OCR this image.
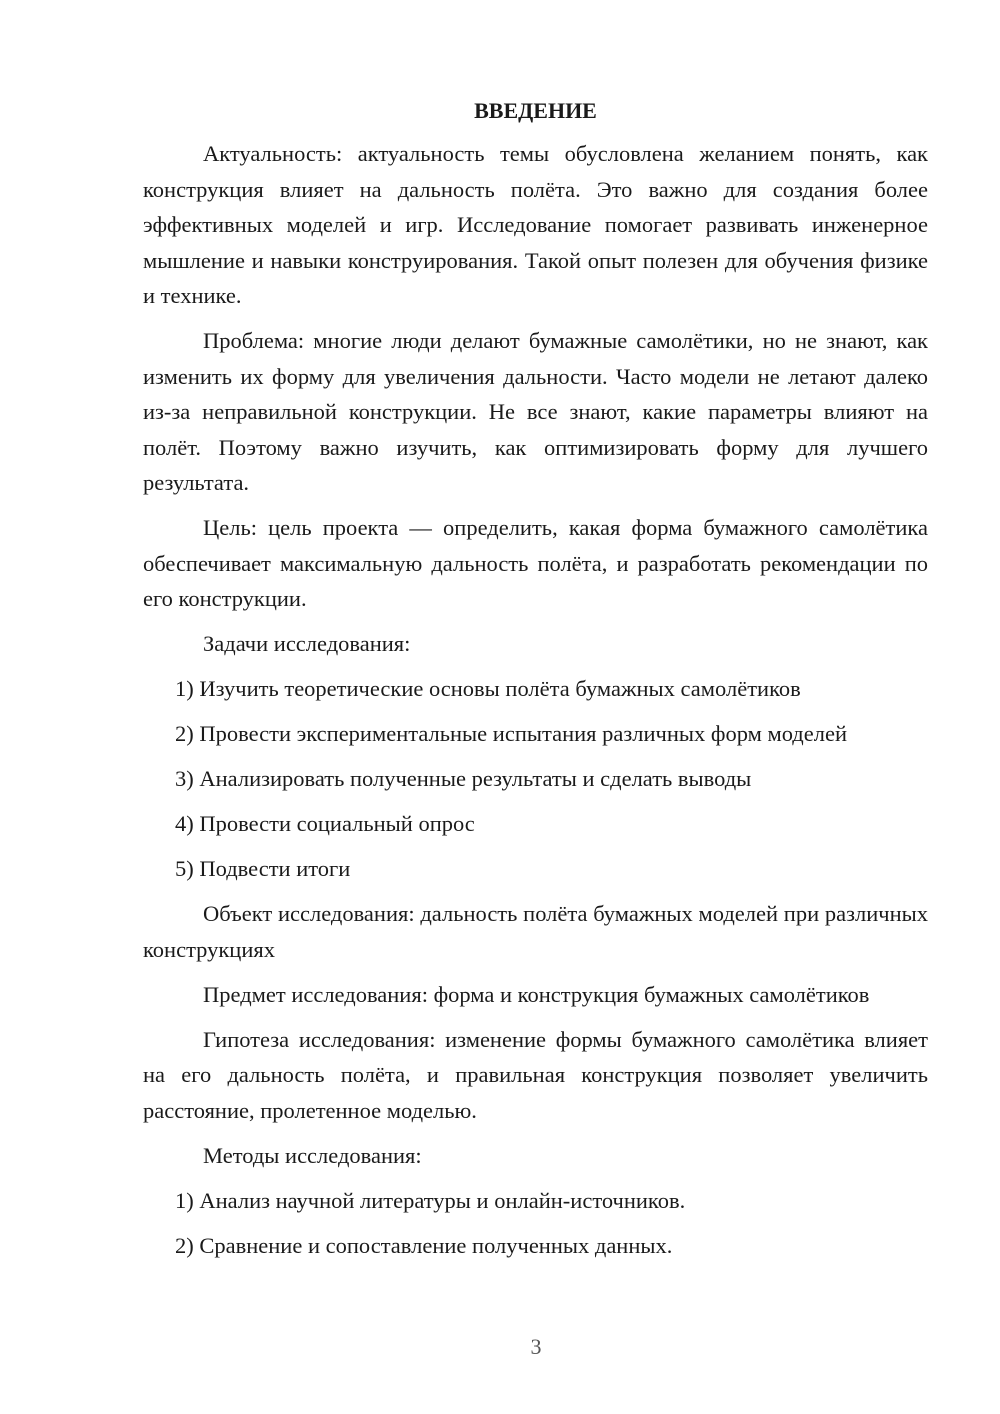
ВВЕДЕНИЕ

Актуальность: актуальность темы обусловлена желанием понять, как конструкция влияет на дальность полёта. Это важно для создания более эффективных моделей и игр. Исследование помогает развивать инженерное мышление и навыки конструирования. Такой опыт полезен для обучения физике и технике.

Проблема: многие люди делают бумажные самолётики, но не знают, как изменить их форму для увеличения дальности. Часто модели не летают далеко из-за неправильной конструкции. Не все знают, какие параметры влияют на полёт. Поэтому важно изучить, как оптимизировать форму для лучшего результата.

Цель: цель проекта — определить, какая форма бумажного самолётика обеспечивает максимальную дальность полёта, и разработать рекомендации по его конструкции.

Задачи исследования:

1) Изучить теоретические основы полёта бумажных самолётиков
2) Провести экспериментальные испытания различных форм моделей
3) Анализировать полученные результаты и сделать выводы
4) Провести социальный опрос
5) Подвести итоги

Объект исследования: дальность полёта бумажных моделей при различных конструкциях

Предмет исследования: форма и конструкция бумажных самолётиков

Гипотеза исследования: изменение формы бумажного самолётика влияет на его дальность полёта, и правильная конструкция позволяет увеличить расстояние, пролетенное моделью.

Методы исследования:

1) Анализ научной литературы и онлайн-источников.
2) Сравнение и сопоставление полученных данных.
3
